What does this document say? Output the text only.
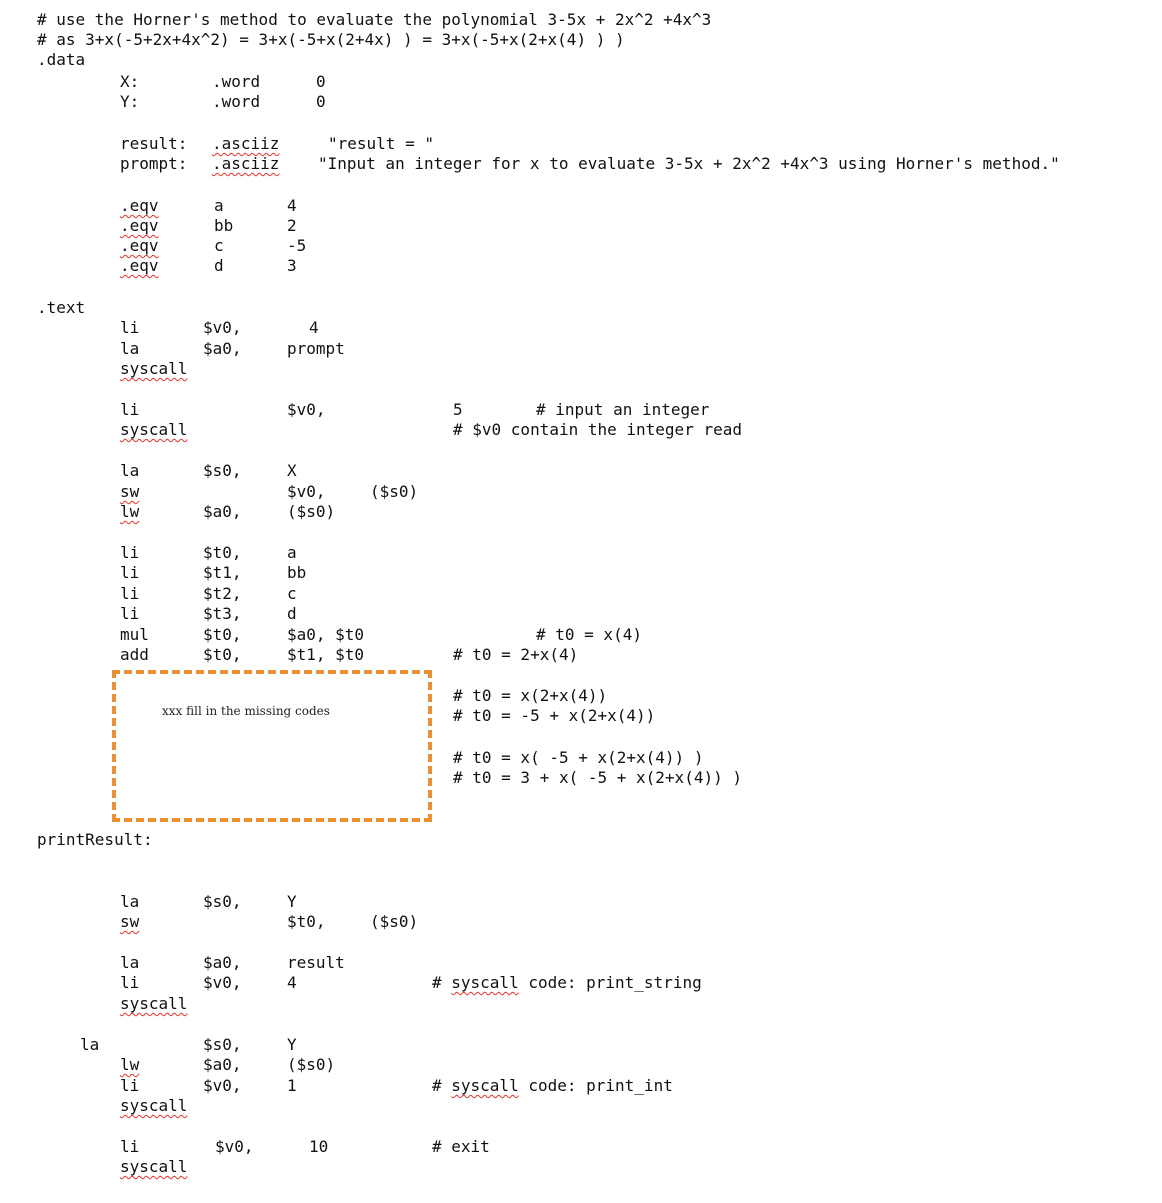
# use the Horner's method to evaluate the polynomial 3-5x + 2x^2 +4x^3
# as 3+x(-5+2x+4x^2) = 3+x(-5+x(2+4x) ) = 3+x(-5+x(2+x(4) ) )
.data
X:	.word	0
Y:	.word	0
result: .asciiz	"result = "
prompt: .asciiz "Input an integer for x to evaluate 3-5x + 2x^2 +4x^3 using Horner's method."
.eqv	a	4
.eqv	bb	2
.eqv	c	-5
.eqv	d	3
.text
li	$v0,	4
la	$a0,	prompt
syscall
li	$v0,	5	# input an integer
syscall	# $v0 contain the integer read
la	$s0,	X
sw	$v0,	($s0)
lw	$a0,	($s0)
li	$t0,	a
li	$t1,	bb
li	$t2,	c
li	$t3,	d
mul	$t0,	$a0, $t0	# t0 = x(4)
add	$t0,	$t1, $t0	# t0 = 2+x(4)
xxx fill in the missing codes
# t0 = x(2+x(4))
# t0 = -5 + x(2+x(4))
# t0 = x( -5 + x(2+x(4)) )
# t0 = 3 + x( -5 + x(2+x(4)) )
printResult:
la	$s0,	Y
sw	$t0,	($s0)
la	$a0,	result
li	$v0,	4	# syscall code: print_string
syscall
la	$s0,	Y
lw	$a0,	($s0)
li	$v0,	1	# syscall code: print_int
syscall
li	$v0,	10	# exit
syscall
